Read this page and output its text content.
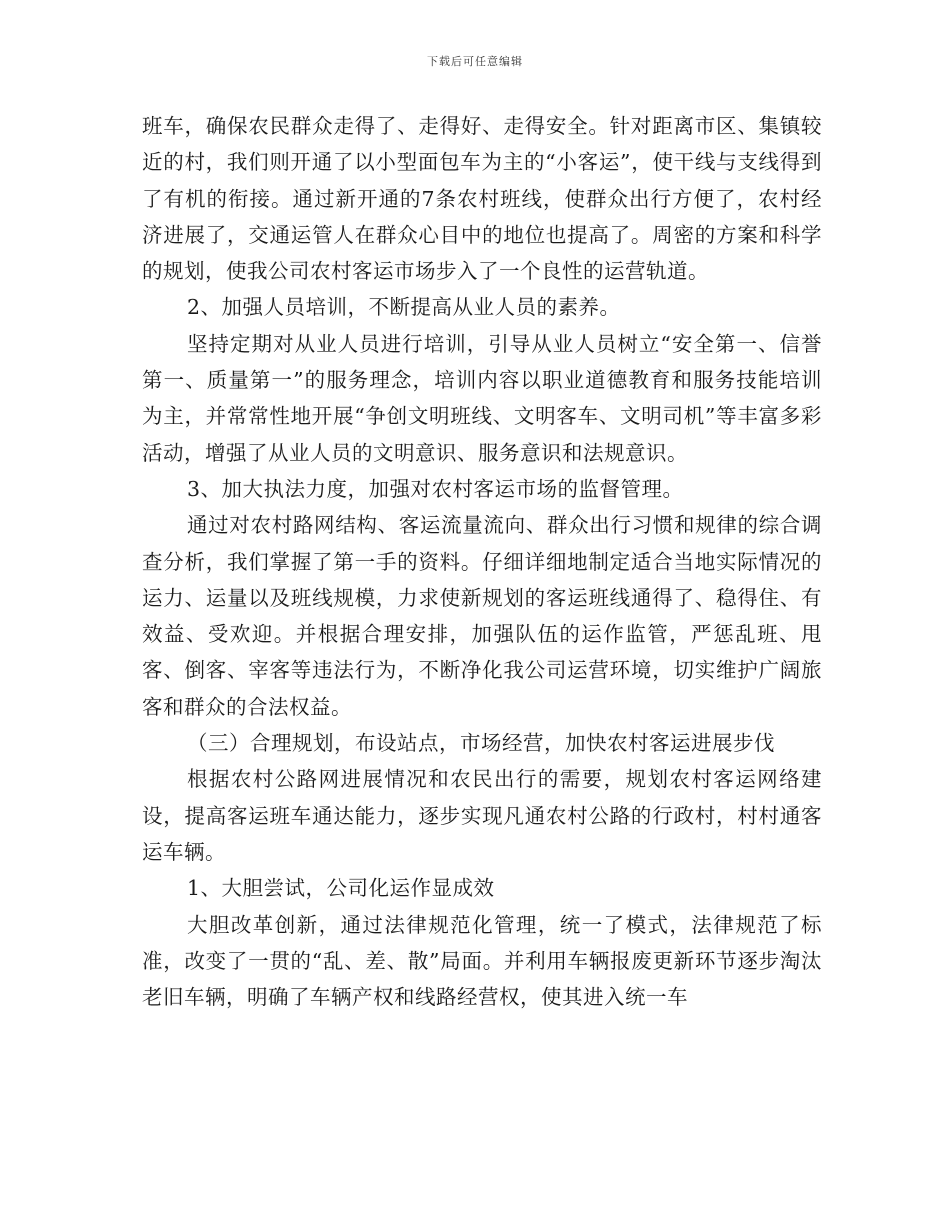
下载后可任意编辑

班车，确保农民群众走得了、走得好、走得安全。针对距离市区、集镇较近的村，我们则开通了以小型面包车为主的“小客运”，使干线与支线得到了有机的衔接。通过新开通的7条农村班线，使群众出行方便了，农村经济进展了，交通运管人在群众心目中的地位也提高了。周密的方案和科学的规划，使我公司农村客运市场步入了一个良性的运营轨道。

2、加强人员培训，不断提高从业人员的素养。

坚持定期对从业人员进行培训，引导从业人员树立“安全第一、信誉第一、质量第一”的服务理念，培训内容以职业道德教育和服务技能培训为主，并常常性地开展“争创文明班线、文明客车、文明司机”等丰富多彩活动，增强了从业人员的文明意识、服务意识和法规意识。

3、加大执法力度，加强对农村客运市场的监督管理。

通过对农村路网结构、客运流量流向、群众出行习惯和规律的综合调查分析，我们掌握了第一手的资料。仔细详细地制定适合当地实际情况的运力、运量以及班线规模，力求使新规划的客运班线通得了、稳得住、有效益、受欢迎。并根据合理安排，加强队伍的运作监管，严惩乱班、甩客、倒客、宰客等违法行为，不断净化我公司运营环境，切实维护广阔旅客和群众的合法权益。

（三）合理规划，布设站点，市场经营，加快农村客运进展步伐

根据农村公路网进展情况和农民出行的需要，规划农村客运网络建设，提高客运班车通达能力，逐步实现凡通农村公路的行政村，村村通客运车辆。

1、大胆尝试，公司化运作显成效

大胆改革创新，通过法律规范化管理，统一了模式，法律规范了标准，改变了一贯的“乱、差、散”局面。并利用车辆报废更新环节逐步淘汰老旧车辆，明确了车辆产权和线路经营权，使其进入统一车
